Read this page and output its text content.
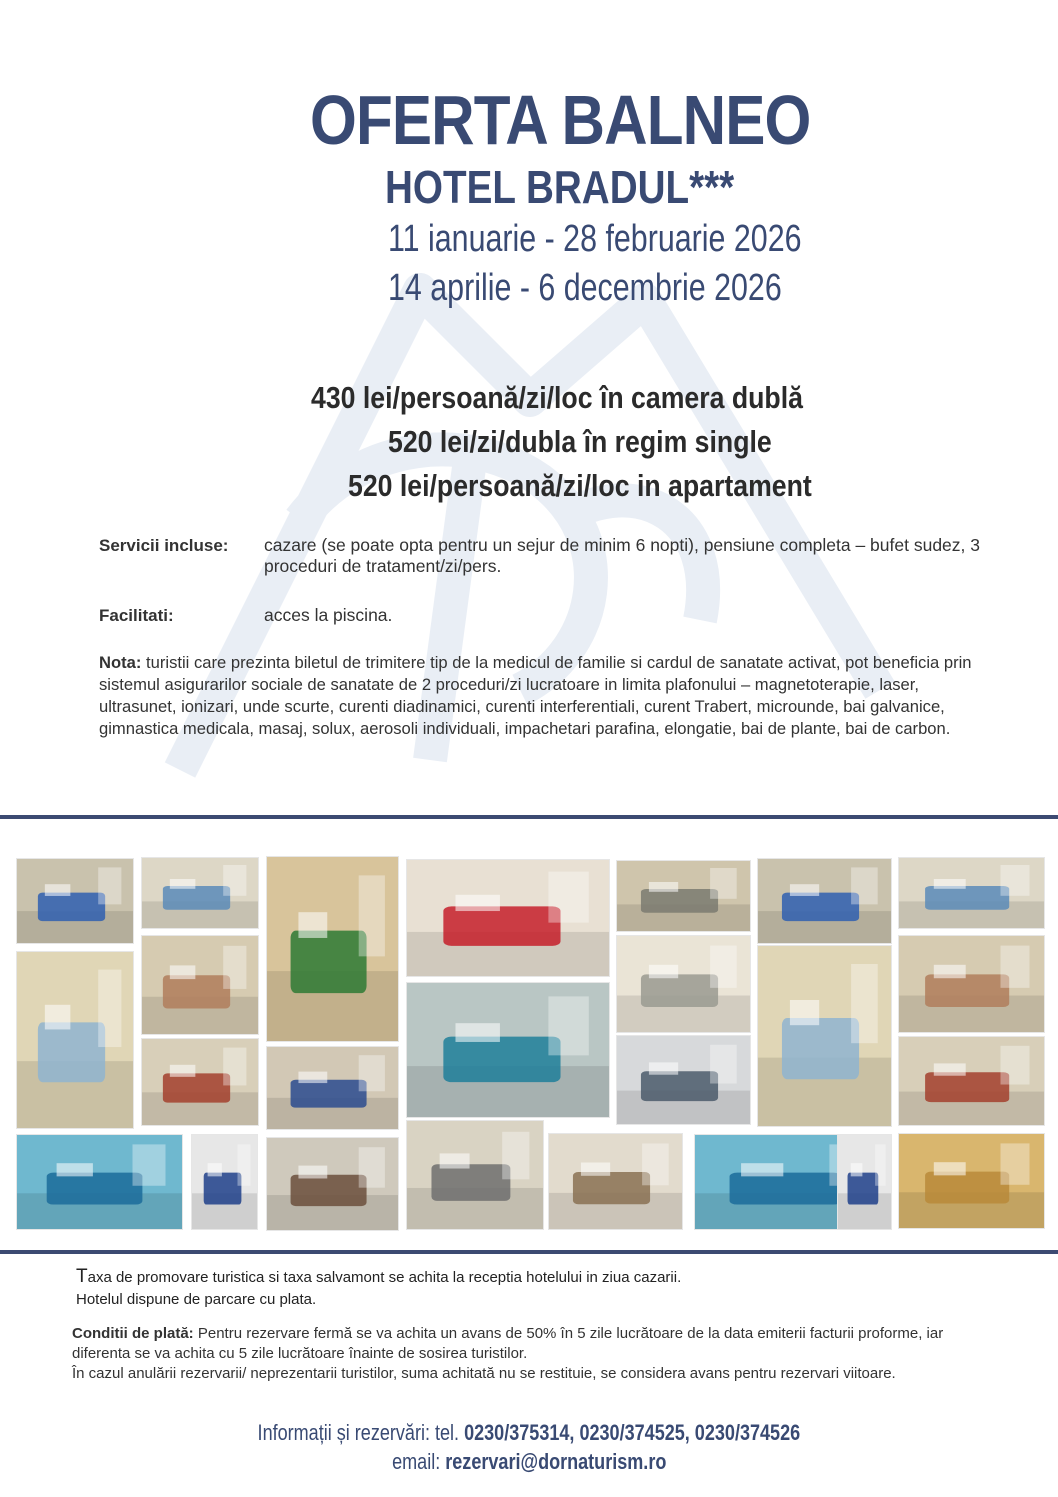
OFERTA BALNEO
HOTEL BRADUL***
11 ianuarie - 28 februarie 2026
14 aprilie - 6 decembrie 2026
430 lei/persoană/zi/loc în camera dublă
520 lei/zi/dubla în regim single
520 lei/persoană/zi/loc in apartament
Servicii incluse: cazare (se poate opta pentru un sejur de minim 6 nopti), pensiune completa – bufet sudez, 3 proceduri de tratament/zi/pers.
Facilitati:	acces la piscina.
Nota: turistii care prezinta biletul de trimitere tip de la medicul de familie si cardul de sanatate activat, pot beneficia prin sistemul asigurarilor sociale de sanatate de 2 proceduri/zi lucratoare in limita plafonului – magnetoterapie, laser, ultrasunet, ionizari, unde scurte, curenti diadinamici, curenti interferentiali, curent Trabert, microunde, bai galvanice, gimnastica medicala, masaj, solux, aerosoli individuali, impachetari parafina, elongatie, bai de plante, bai de carbon.
Taxa de promovare turistica si taxa salvamont se achita la receptia hotelului in ziua cazarii.
Hotelul dispune de parcare cu plata.
Conditii de plată: Pentru rezervare fermă se va achita un avans de 50% în 5 zile lucrătoare de la data emiterii facturii proforme, iar diferenta se va achita cu 5 zile lucrătoare înainte de sosirea turistilor.
În cazul anulării rezervarii/ neprezentarii turistilor, suma achitată nu se restituie, se considera avans pentru rezervari viitoare.
Informații și rezervări: tel. 0230/375314, 0230/374525, 0230/374526
email: rezervari@dornaturism.ro
